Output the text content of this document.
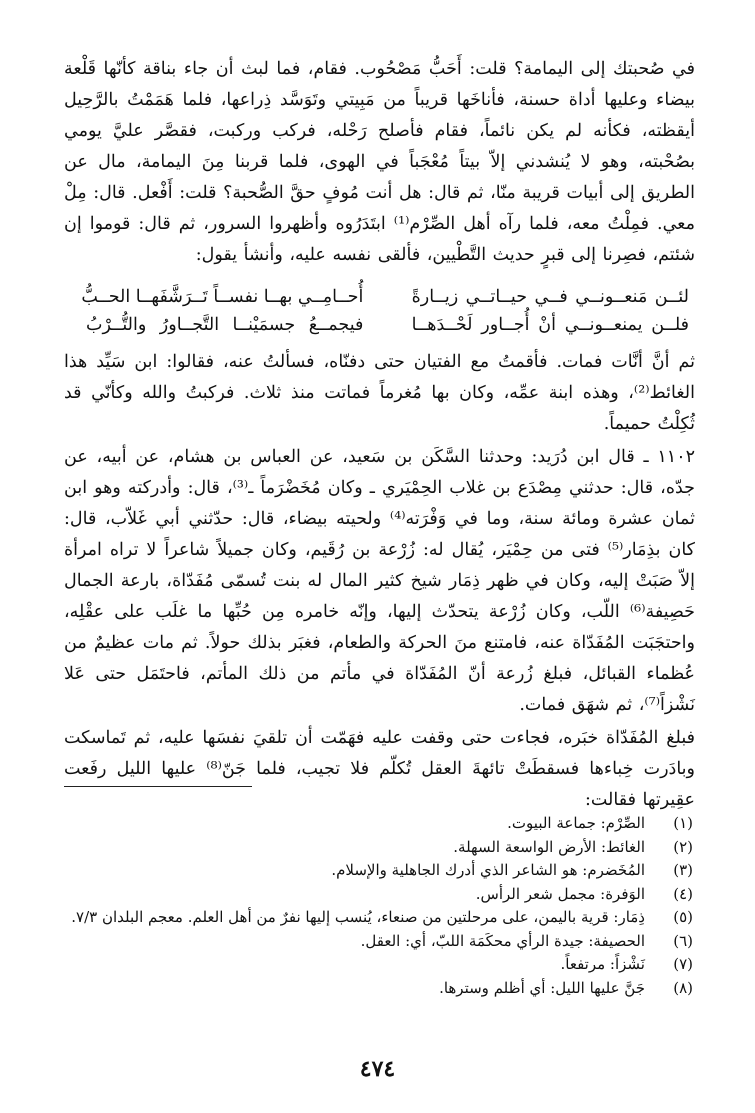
في صُحبتك إلى اليمامة؟ قلت: أَحَبُّ مَصْحُوب. فقام، فما لبث أن جاء بناقة كأنّها قَلْعة بيضاء وعليها أداة حسنة، فأناخَها قريباً من مَبِيتي وتَوَسَّد ذِراعها، فلما هَمَمْتُ بالرَّحِيل أيقظته، فكأنه لم يكن نائماً، فقام فأصلح رَحْله، فركب وركبت، فقصَّر عليَّ يومي بصُحْبته، وهو لا يُنشدني إلاّ بيتاً مُعْجَباً في الهوى، فلما قربنا مِنَ اليمامة، مال عن الطريق إلى أبيات قريبة منّا، ثم قال: هل أنت مُوفٍ حقَّ الصُّحبة؟ قلت: أَفْعل. قال: مِلْ معي. فمِلْتُ معه، فلما رآه أهل الصِّرْم⁽¹⁾ ابتَدَرُوه وأظهروا السرور، ثم قال: قوموا إن شئتم، فصِرنا إلى قبرٍ حديث التَّطْيين، فألقى نفسه عليه، وأنشأ يقول:

لئــن مَنعــونــي فــي حيــاتــي زيــارةً
أُحــامِــي بهــا نفســاً تَــرَشَّفَهــا الحــبُّ
فلــن يمنعــونــي أنْ أُجــاور لَحْــدَهــا
فيجمــعُ جسمَيْنــا التَّجــاورُ والتُّــرْبُ

ثم أنَّ أنَّات فمات. فأقمتُ مع الفتيان حتى دفنّاه، فسألتُ عنه، فقالوا: ابن سَيِّد هذا الغائط⁽²⁾، وهذه ابنة عمِّه، وكان بها مُغرماً فماتت منذ ثلاث. فركبتُ والله وكأنّي قد ثُكِلْتُ حميماً.

١١٠٢ ـ قال ابن دُرَيد: وحدثنا السَّكَن بن سَعيد، عن العباس بن هشام، عن أبيه، عن جدّه، قال: حدثني مِصْدَع بن غلاب الحِمْيَري ـ وكان مُخَضْرَماً ـ⁽³⁾، قال: وأدركته وهو ابن ثمان عشرة ومائة سنة، وما في وَفْرَته⁽⁴⁾ ولحيته بيضاء، قال: حدّثني أبي غَلاّب، قال: كان بذِمَار⁽⁵⁾ فتى من حِمْيَر، يُقال له: زُرْعة بن رُقَيم، وكان جميلاً شاعراً لا تراه امرأة إلاّ صَبَتْ إليه، وكان في ظهر ذِمَار شيخ كثير المال له بنت تُسمّى مُفَدّاة، بارعة الجمال حَصِيفة⁽⁶⁾ اللّب، وكان زُرْعة يتحدّث إليها، وإنّه خامره مِن حُبِّها ما غلَب على عقْلِه، واحتجَبَت المُفَدّاة عنه، فامتنع منَ الحركة والطعام، فغبَر بذلك حولاً. ثم مات عظيمٌ من عُظماء القبائل، فبلغ زُرعة أنّ المُفَدّاة في مأتم من ذلك المأتم، فاحتَمَل حتى عَلا نَشْزاً⁽⁷⁾، ثم شهَق فمات.

فبلغ المُفَدّاة خبَره، فجاءت حتى وقفت عليه فهَمّت أن تلقيَ نفسَها عليه، ثم تَماسكت وبادَرت خِباءها فسقطَتْ تائهةَ العقل تُكلّم فلا تجيب، فلما جَنّ⁽⁸⁾ عليها الليل رفَعت عقِيرتها فقالت:

(١)
الصِّرْم: جماعة البيوت.
(٢)
الغائط: الأرض الواسعة السهلة.
(٣)
المُخَضرم: هو الشاعر الذي أدرك الجاهلية والإسلام.
(٤)
الوَفرة: مجمل شعر الرأس.
(٥)
ذِمَار: قرية باليمن، على مرحلتين من صنعاء، يُنسب إليها نفرٌ من أهل العلم. معجم البلدان ٧/٣.
(٦)
الحصيفة: جيدة الرأي محكَمَة اللبّ، أي: العقل.
(٧)
نَشْزاً: مرتفعاً.
(٨)
جَنَّ عليها الليل: أي أظلم وسترها.
٤٧٤
